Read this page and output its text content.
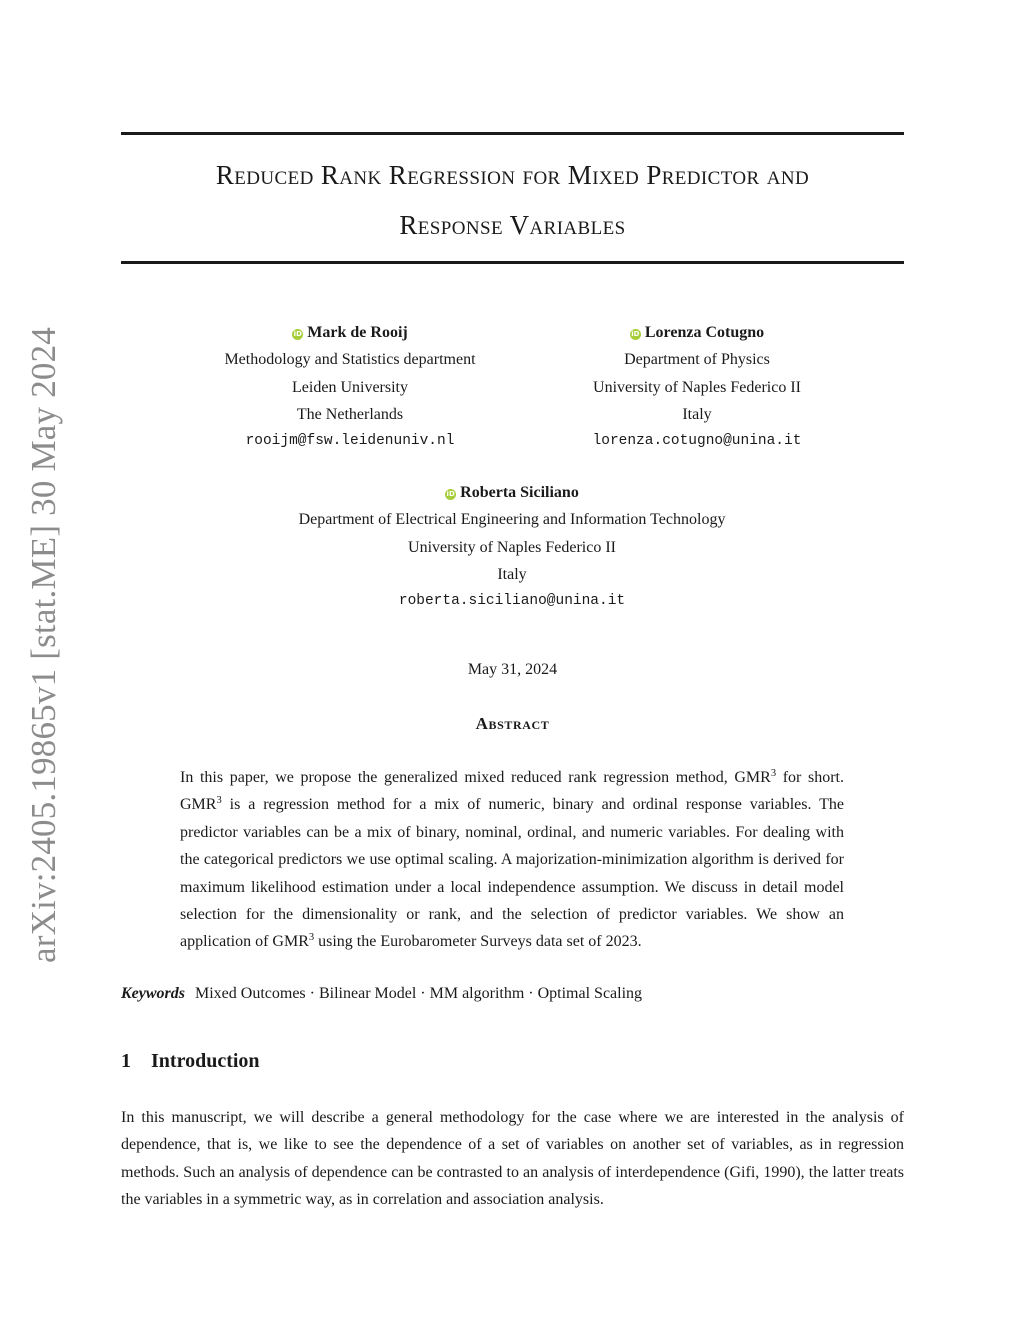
arXiv:2405.19865v1 [stat.ME] 30 May 2024
Reduced Rank Regression for Mixed Predictor and
Response Variables
iD Mark de Rooij
Methodology and Statistics department
Leiden University
The Netherlands
rooijm@fsw.leidenuniv.nl
iD Lorenza Cotugno
Department of Physics
University of Naples Federico II
Italy
lorenza.cotugno@unina.it
iD Roberta Siciliano
Department of Electrical Engineering and Information Technology
University of Naples Federico II
Italy
roberta.siciliano@unina.it
May 31, 2024
Abstract

In this paper, we propose the generalized mixed reduced rank regression method, GMR$^3$ for short. GMR$^3$ is a regression method for a mix of numeric, binary and ordinal response variables. The predictor variables can be a mix of binary, nominal, ordinal, and numeric variables. For dealing with the categorical predictors we use optimal scaling. A majorization-minimization algorithm is derived for maximum likelihood estimation under a local independence assumption. We discuss in detail model selection for the dimensionality or rank, and the selection of predictor variables. We show an application of GMR$^3$ using the Eurobarometer Surveys data set of 2023.

Keywords Mixed Outcomes · Bilinear Model · MM algorithm · Optimal Scaling
1 Introduction

In this manuscript, we will describe a general methodology for the case where we are interested in the analysis of dependence, that is, we like to see the dependence of a set of variables on another set of variables, as in regression methods. Such an analysis of dependence can be contrasted to an analysis of interdependence (Gifi, 1990), the latter treats the variables in a symmetric way, as in correlation and association analysis.
